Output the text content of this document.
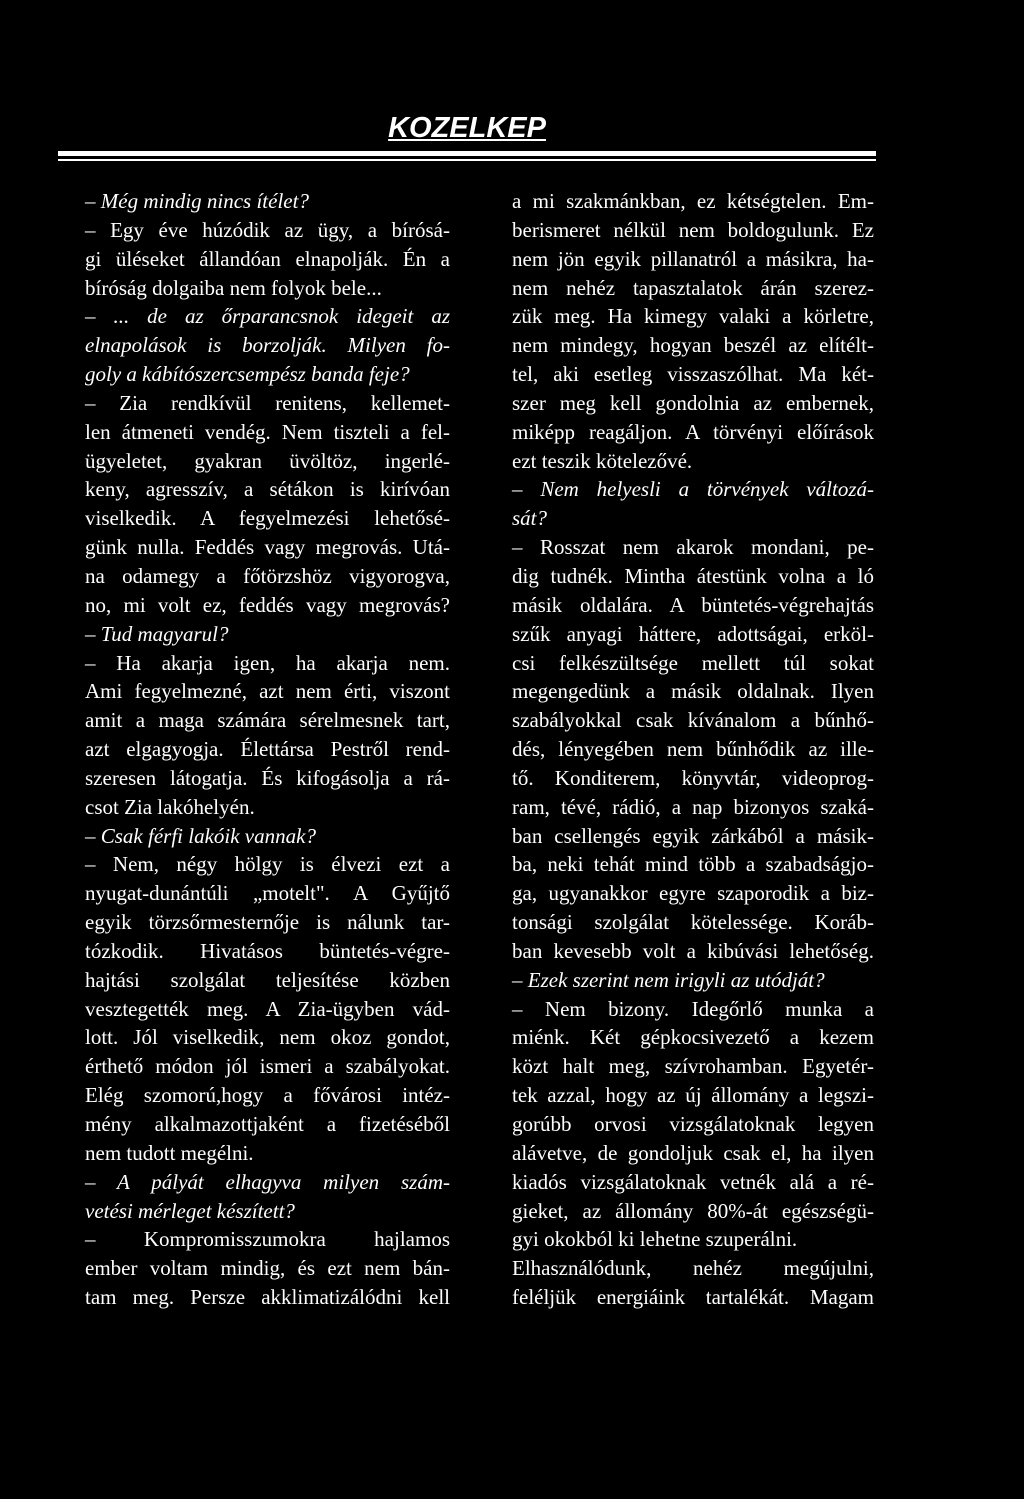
KOZELKEP

– Még mindig nincs ítélet?

– Egy éve húzódik az ügy, a bírósá-

gi üléseket állandóan elnapolják. Én a

bíróság dolgaiba nem folyok bele...

– ... de az őrparancsnok idegeit az

elnapolások is borzolják. Milyen fo-

goly a kábítószercsempész banda feje?

– Zia rendkívül renitens, kellemet-

len átmeneti vendég. Nem tiszteli a fel-

ügyeletet, gyakran üvöltöz, ingerlé-

keny, agresszív, a sétákon is kirívóan

viselkedik. A fegyelmezési lehetősé-

günk nulla. Feddés vagy megrovás. Utá-

na odamegy a főtörzshöz vigyorogva,

no, mi volt ez, feddés vagy megrovás?

– Tud magyarul?

– Ha akarja igen, ha akarja nem.

Ami fegyelmezné, azt nem érti, viszont

amit a maga számára sérelmesnek tart,

azt elgagyogja. Élettársa Pestről rend-

szeresen látogatja. És kifogásolja a rá-

csot Zia lakóhelyén.

– Csak férfi lakóik vannak?

– Nem, négy hölgy is élvezi ezt a

nyugat-dunántúli „motelt". A Gyűjtő

egyik törzsőrmesternője is nálunk tar-

tózkodik. Hivatásos büntetés-végre-

hajtási szolgálat teljesítése közben

vesztegették meg. A Zia-ügyben vád-

lott. Jól viselkedik, nem okoz gondot,

érthető módon jól ismeri a szabályokat.

Elég szomorú,hogy a fővárosi intéz-

mény alkalmazottjaként a fizetéséből

nem tudott megélni.

– A pályát elhagyva milyen szám-

vetési mérleget készített?

– Kompromisszumokra hajlamos

ember voltam mindig, és ezt nem bán-

tam meg. Persze akklimatizálódni kell

a mi szakmánkban, ez kétségtelen. Em-

berismeret nélkül nem boldogulunk. Ez

nem jön egyik pillanatról a másikra, ha-

nem nehéz tapasztalatok árán szerez-

zük meg. Ha kimegy valaki a körletre,

nem mindegy, hogyan beszél az elítélt-

tel, aki esetleg visszaszólhat. Ma két-

szer meg kell gondolnia az embernek,

miképp reagáljon. A törvényi előírások

ezt teszik kötelezővé.

– Nem helyesli a törvények változá-

sát?

– Rosszat nem akarok mondani, pe-

dig tudnék. Mintha átestünk volna a ló

másik oldalára. A büntetés-végrehajtás

szűk anyagi háttere, adottságai, erköl-

csi felkészültsége mellett túl sokat

megengedünk a másik oldalnak. Ilyen

szabályokkal csak kívánalom a bűnhő-

dés, lényegében nem bűnhődik az ille-

tő. Konditerem, könyvtár, videoprog-

ram, tévé, rádió, a nap bizonyos szaká-

ban csellengés egyik zárkából a másik-

ba, neki tehát mind több a szabadságjo-

ga, ugyanakkor egyre szaporodik a biz-

tonsági szolgálat kötelessége. Koráb-

ban kevesebb volt a kibúvási lehetőség.

– Ezek szerint nem irigyli az utódját?

– Nem bizony. Idegőrlő munka a

miénk. Két gépkocsivezető a kezem

közt halt meg, szívrohamban. Egyetér-

tek azzal, hogy az új állomány a legszi-

gorúbb orvosi vizsgálatoknak legyen

alávetve, de gondoljuk csak el, ha ilyen

kiadós vizsgálatoknak vetnék alá a ré-

gieket, az állomány 80%-át egészségü-

gyi okokból ki lehetne szuperálni.

Elhasználódunk, nehéz megújulni,

feléljük energiáink tartalékát. Magam
